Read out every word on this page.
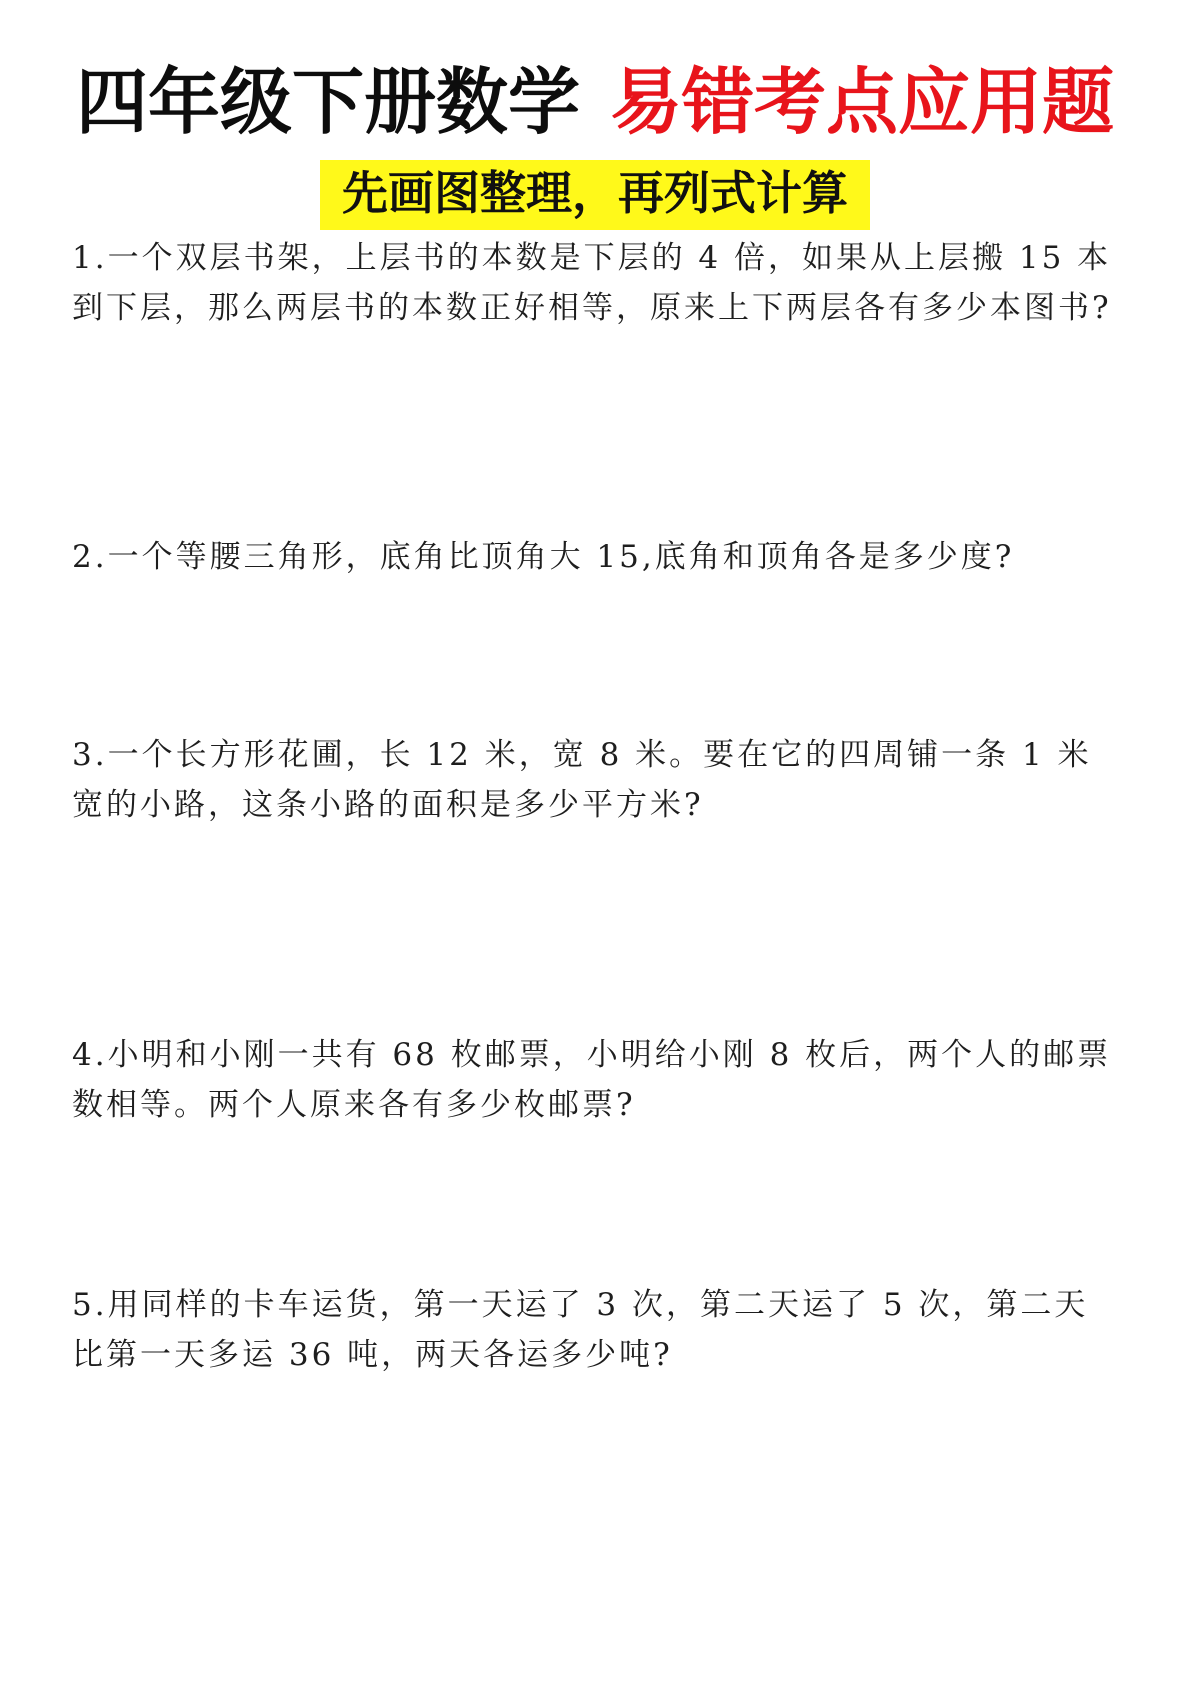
四年级下册数学 易错考点应用题
先画图整理，再列式计算
1.一个双层书架，上层书的本数是下层的 4 倍，如果从上层搬 15 本到下层，那么两层书的本数正好相等，原来上下两层各有多少本图书?
2.一个等腰三角形，底角比顶角大 15,底角和顶角各是多少度?
3.一个长方形花圃，长 12 米，宽 8 米。要在它的四周铺一条 1 米宽的小路，这条小路的面积是多少平方米?
4.小明和小刚一共有 68 枚邮票，小明给小刚 8 枚后，两个人的邮票数相等。两个人原来各有多少枚邮票?
5.用同样的卡车运货，第一天运了 3 次，第二天运了 5 次，第二天比第一天多运 36 吨，两天各运多少吨?
